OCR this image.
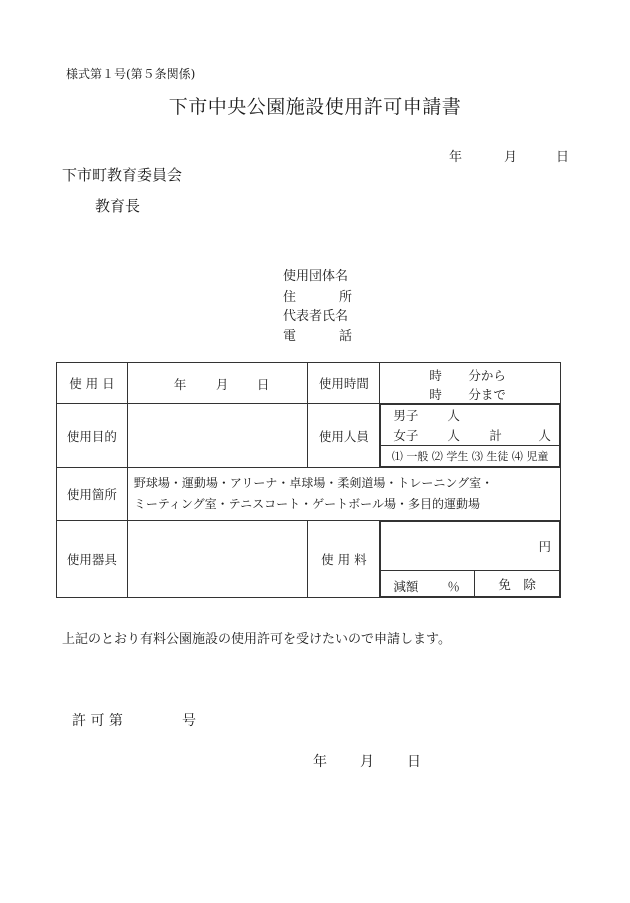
様式第１号(第５条関係)
下市中央公園施設使用許可申請書
年	月	日
下市町教育委員会
教育長
使用団体名
住	所
代表者氏名
電	話
使 用 日	年 月 日	使用時間	
時 分から
時 分まで

使用目的		使用人員	
男子 人
女子 人 計	人

⑴ 一般 ⑵ 学生 ⑶ 生徒 ⑷ 児童

使用箇所	
野球場・運動場・アリーナ・卓球場・柔剣道場・トレーニング室・
ミーティング室・テニスコート・ゲートボール場・多目的運動場

使用器具		使 用 料	
円

減額 ％	免　除
上記のとおり有料公園施設の使用許可を受けたいので申請します。
許 可 第	号
年 月 日
